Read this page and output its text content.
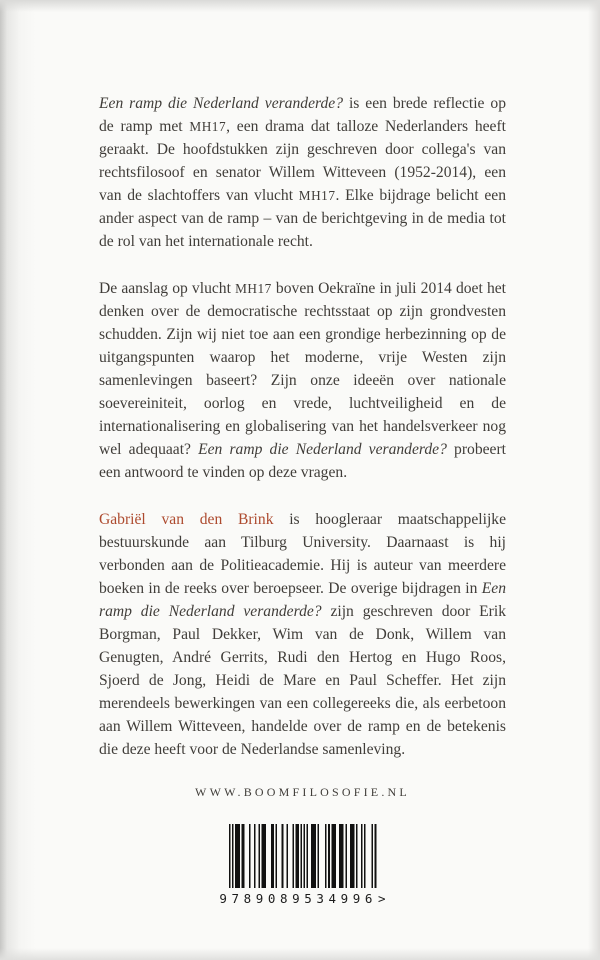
Een ramp die Nederland veranderde? is een brede reflectie op de ramp met MH17, een drama dat talloze Nederlanders heeft geraakt. De hoofdstukken zijn geschreven door collega's van rechtsfilosoof en senator Willem Witteveen (1952-2014), een van de slachtoffers van vlucht MH17. Elke bijdrage belicht een ander aspect van de ramp – van de berichtgeving in de media tot de rol van het internationale recht.

De aanslag op vlucht MH17 boven Oekraïne in juli 2014 doet het denken over de democratische rechtsstaat op zijn grondvesten schudden. Zijn wij niet toe aan een grondige herbezinning op de uitgangspunten waarop het moderne, vrije Westen zijn samenlevingen baseert? Zijn onze ideeën over nationale soevereiniteit, oorlog en vrede, luchtveiligheid en de internationalisering en globalisering van het handelsverkeer nog wel adequaat? Een ramp die Nederland veranderde? probeert een antwoord te vinden op deze vragen.

Gabriël van den Brink is hoogleraar maatschappelijke bestuurskunde aan Tilburg University. Daarnaast is hij verbonden aan de Politieacademie. Hij is auteur van meerdere boeken in de reeks over beroepseer. De overige bijdragen in Een ramp die Nederland veranderde? zijn geschreven door Erik Borgman, Paul Dekker, Wim van de Donk, Willem van Genugten, André Gerrits, Rudi den Hertog en Hugo Roos, Sjoerd de Jong, Heidi de Mare en Paul Scheffer. Het zijn merendeels bewerkingen van een collegereeks die, als eerbetoon aan Willem Witteveen, handelde over de ramp en de betekenis die deze heeft voor de Nederlandse samenleving.

WWW.BOOMFILOSOFIE.NL
9789089534996>
